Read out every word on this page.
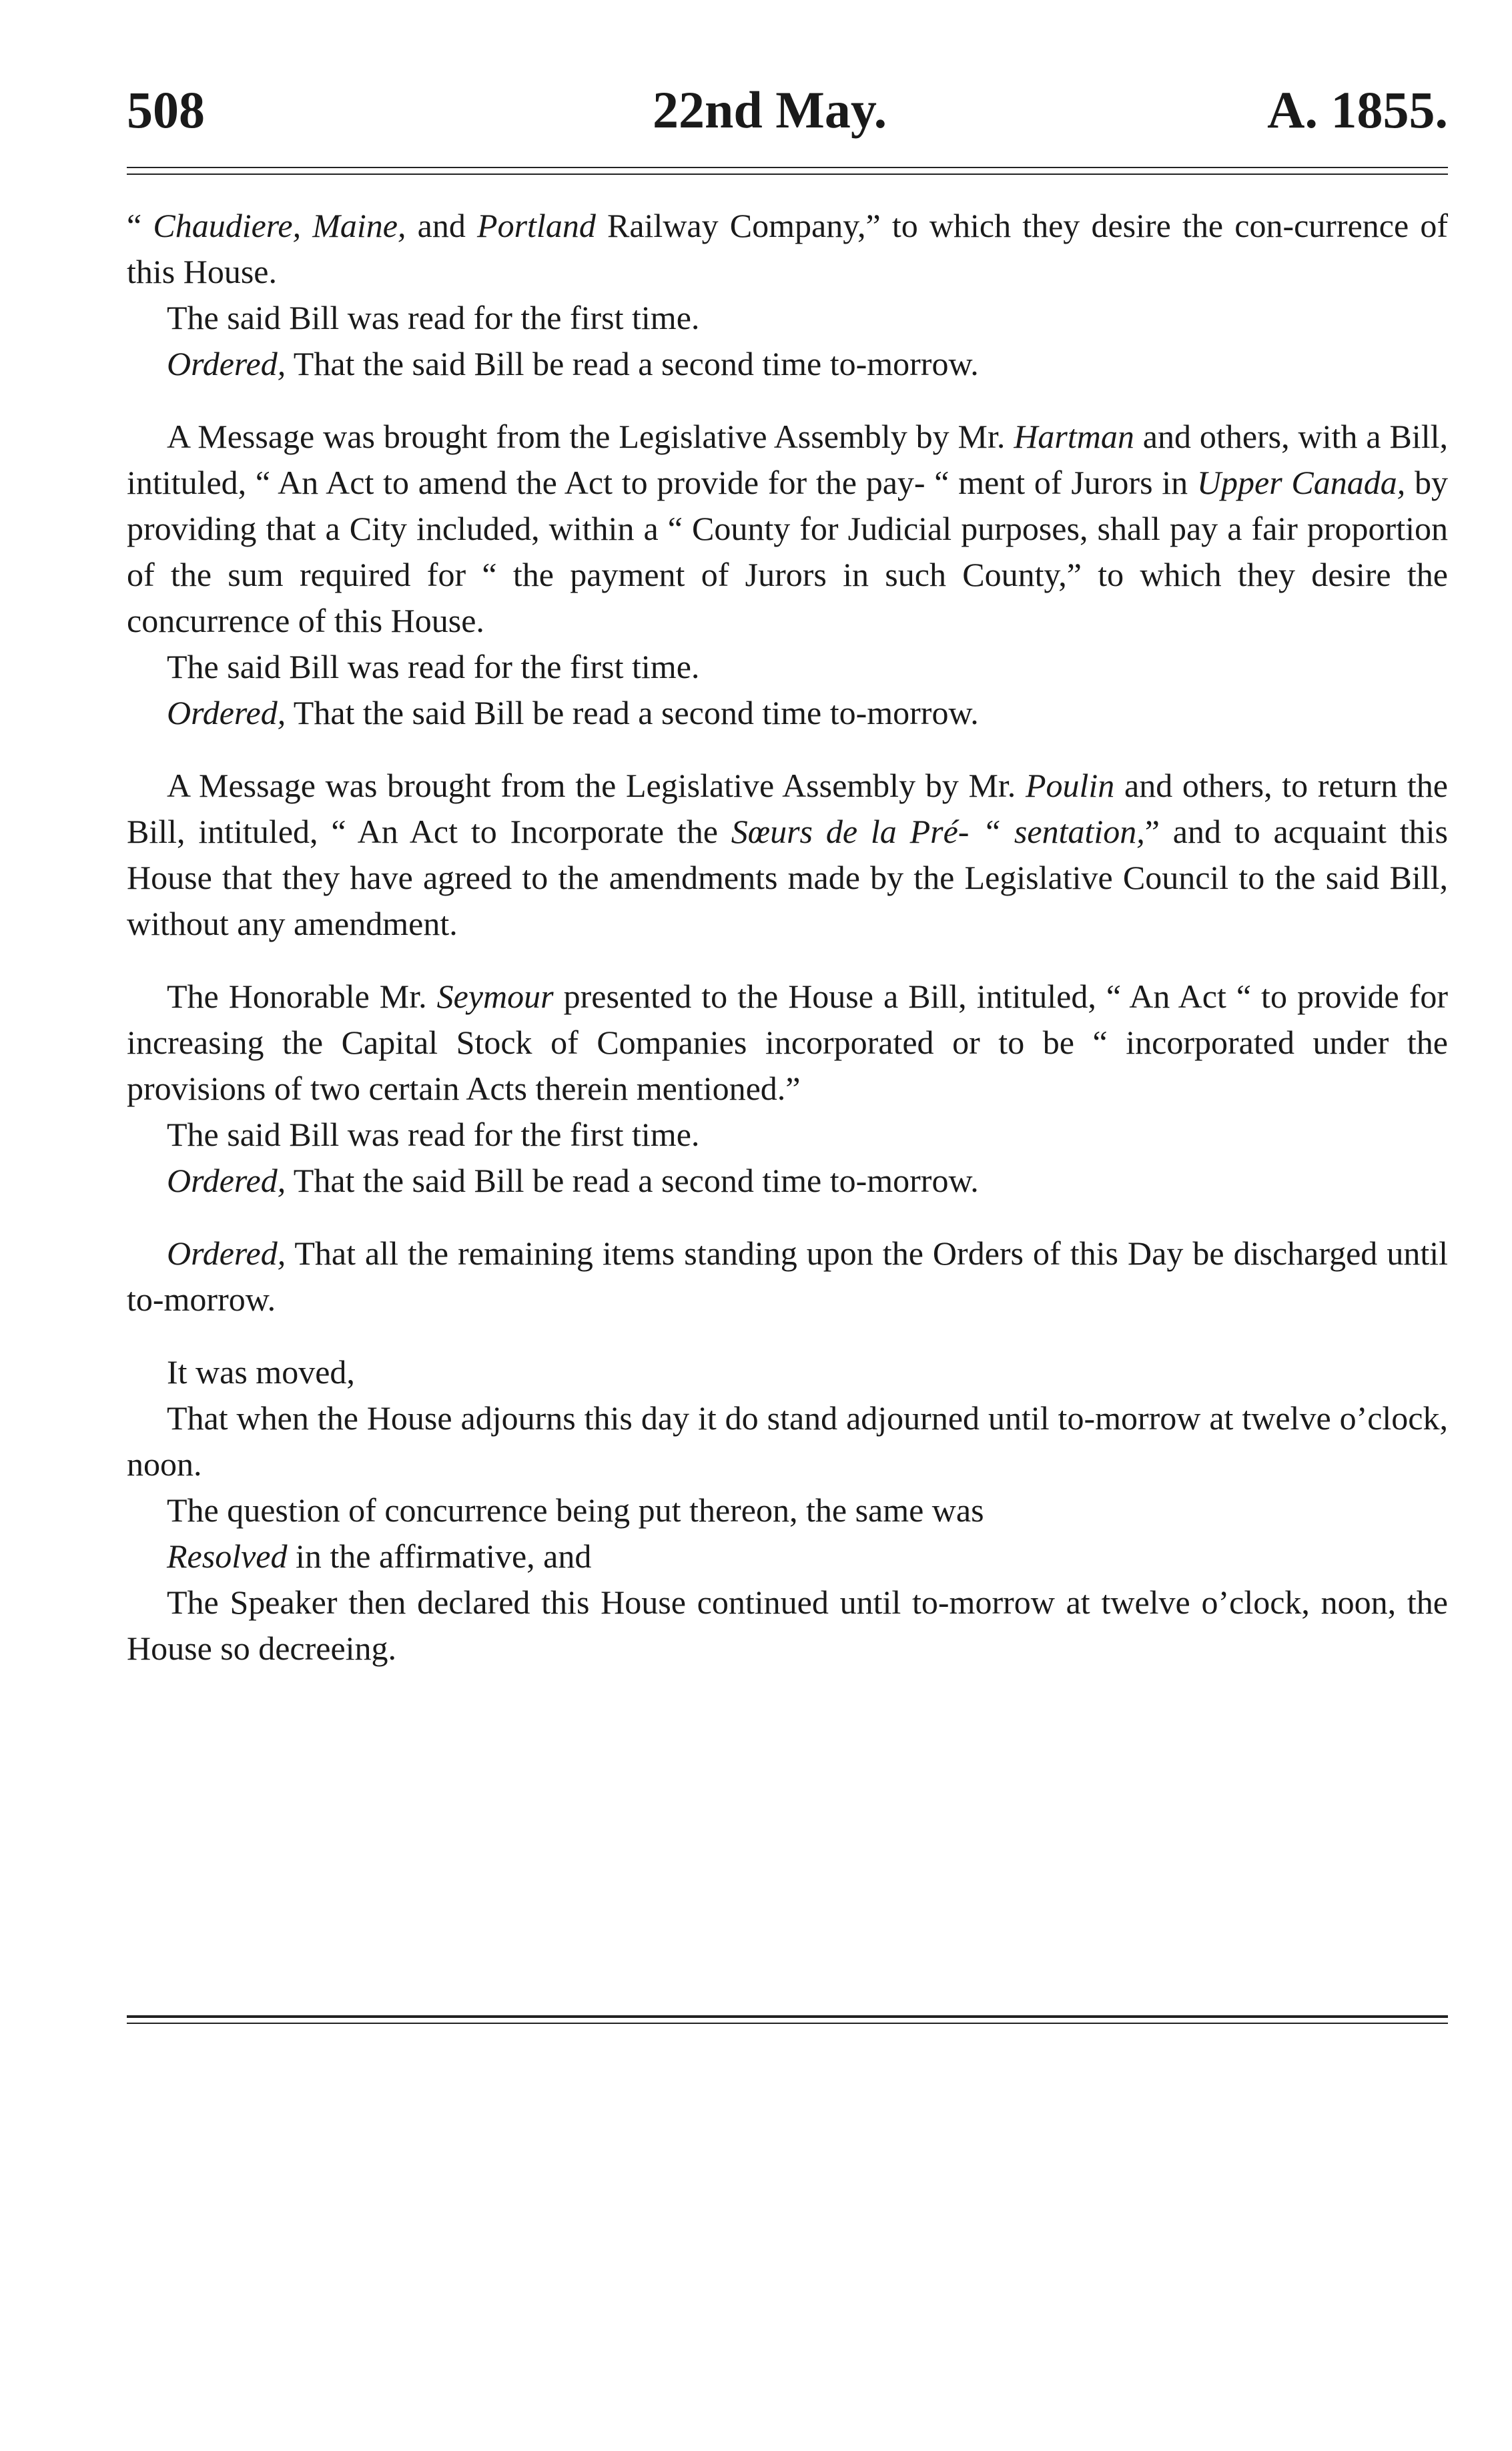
508	22nd May.	A. 1855.

“ Chaudiere, Maine, and Portland Railway Company,” to which they desire the con-currence of this House.

The said Bill was read for the first time.

Ordered, That the said Bill be read a second time to-morrow.

A Message was brought from the Legislative Assembly by Mr. Hartman and others, with a Bill, intituled, “ An Act to amend the Act to provide for the pay- “ ment of Jurors in Upper Canada, by providing that a City included, within a “ County for Judicial purposes, shall pay a fair proportion of the sum required for “ the payment of Jurors in such County,” to which they desire the concurrence of this House.

The said Bill was read for the first time.

Ordered, That the said Bill be read a second time to-morrow.

A Message was brought from the Legislative Assembly by Mr. Poulin and others, to return the Bill, intituled, “ An Act to Incorporate the Sœurs de la Pré- “ sentation,” and to acquaint this House that they have agreed to the amendments made by the Legislative Council to the said Bill, without any amendment.

The Honorable Mr. Seymour presented to the House a Bill, intituled, “ An Act “ to provide for increasing the Capital Stock of Companies incorporated or to be “ incorporated under the provisions of two certain Acts therein mentioned.”

The said Bill was read for the first time.

Ordered, That the said Bill be read a second time to-morrow.

Ordered, That all the remaining items standing upon the Orders of this Day be discharged until to-morrow.

It was moved,

That when the House adjourns this day it do stand adjourned until to-morrow at twelve o’clock, noon.

The question of concurrence being put thereon, the same was

Resolved in the affirmative, and

The Speaker then declared this House continued until to-morrow at twelve o’clock, noon, the House so decreeing.
